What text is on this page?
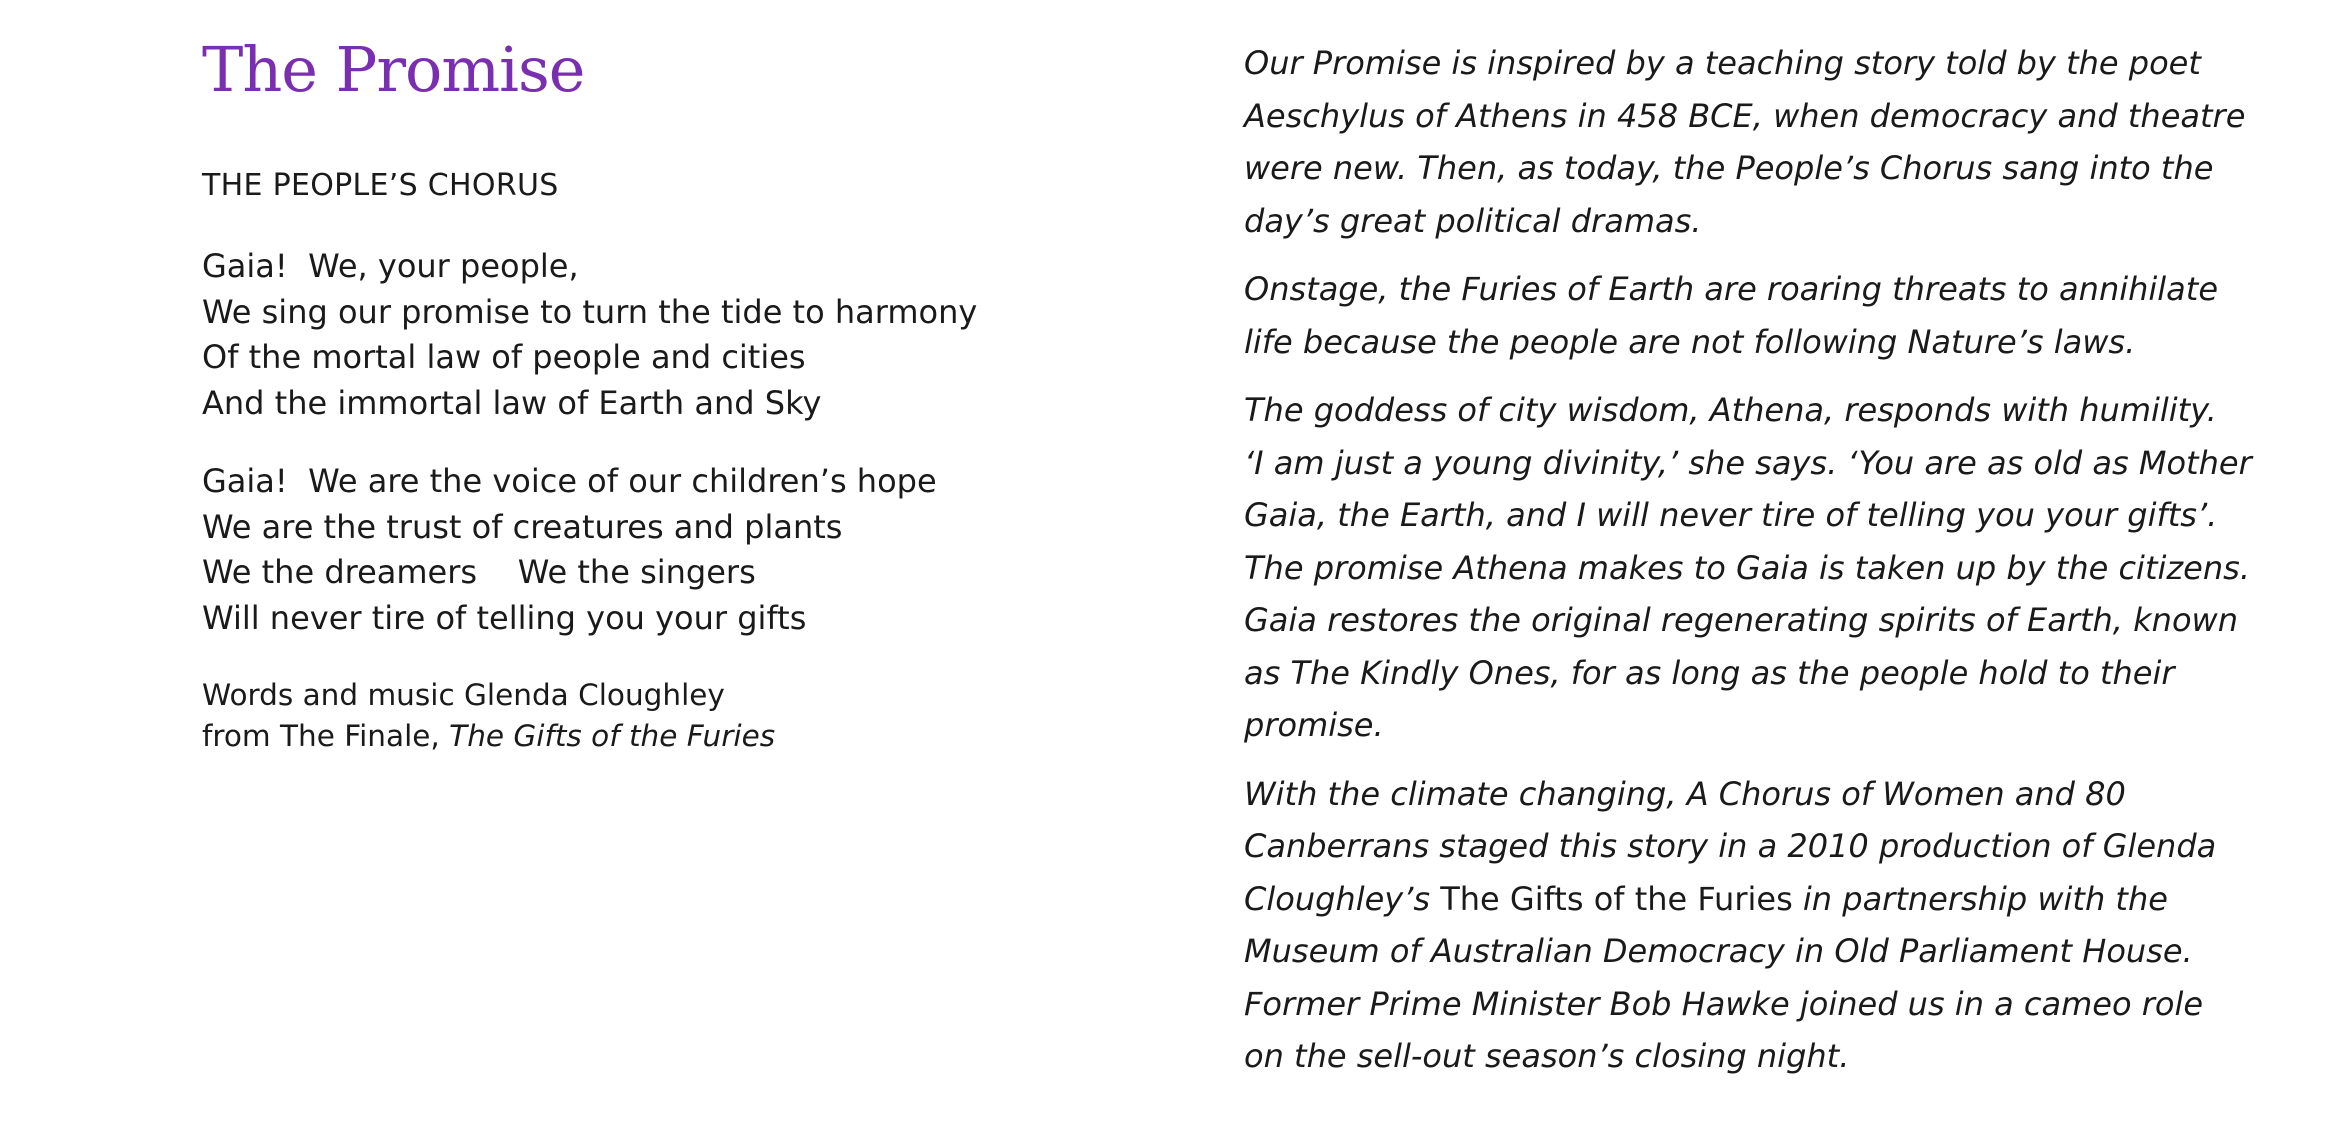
The Promise
THE PEOPLE’S CHORUS
Gaia!  We, your people,
We sing our promise to turn the tide to harmony
Of the mortal law of people and cities
And the immortal law of Earth and Sky
Gaia!  We are the voice of our children’s hope
We are the trust of creatures and plants
We the dreamers    We the singers
Will never tire of telling you your gifts
Words and music Glenda Cloughley
from The Finale, The Gifts of the Furies

Our Promise is inspired by a teaching story told by the poet
Aeschylus of Athens in 458 BCE, when democracy and theatre
were new. Then, as today, the People’s Chorus sang into the
day’s great political dramas.

Onstage, the Furies of Earth are roaring threats to annihilate
life because the people are not following Nature’s laws.

The goddess of city wisdom, Athena, responds with humility.
‘I am just a young divinity,’ she says. ‘You are as old as Mother
Gaia, the Earth, and I will never tire of telling you your gifts’.
The promise Athena makes to Gaia is taken up by the citizens.
Gaia restores the original regenerating spirits of Earth, known
as The Kindly Ones, for as long as the people hold to their
promise.

With the climate changing, A Chorus of Women and 80
Canberrans staged this story in a 2010 production of Glenda
Cloughley’s The Gifts of the Furies in partnership with the
Museum of Australian Democracy in Old Parliament House.
Former Prime Minister Bob Hawke joined us in a cameo role
on the sell-out season’s closing night.
